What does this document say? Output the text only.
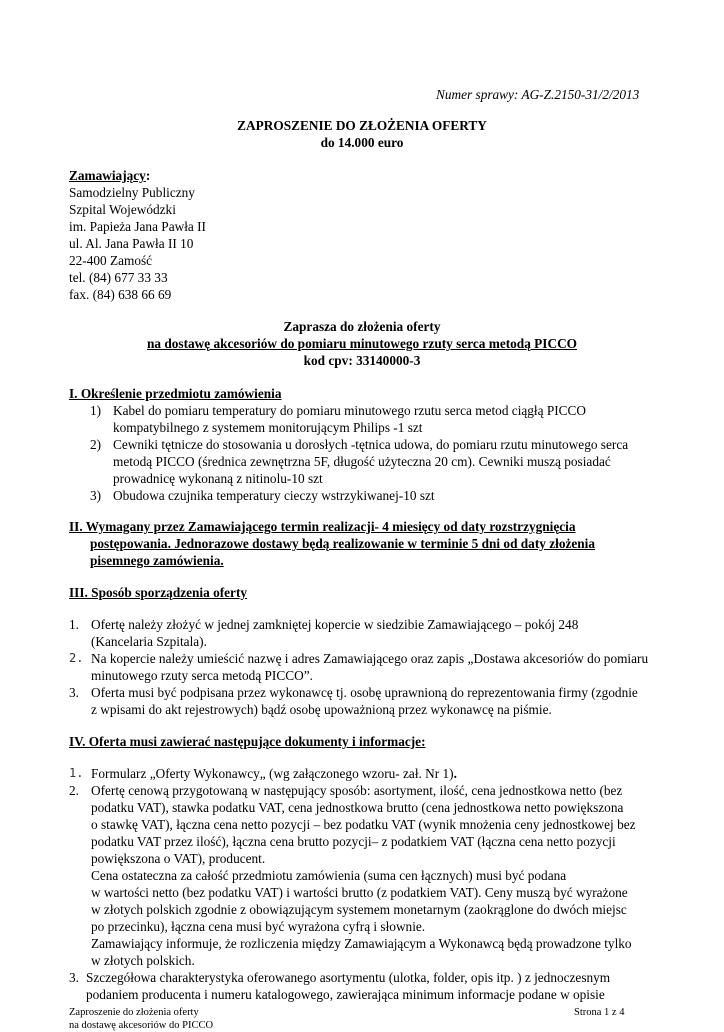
Numer sprawy: AG-Z.2150-31/2/2013
ZAPROSZENIE DO ZŁOŻENIA OFERTY
do 14.000 euro
Zamawiający:
Samodzielny Publiczny
Szpital Wojewódzki
im. Papieża Jana Pawła II
ul. Al. Jana Pawła II 10
22-400 Zamość
tel. (84) 677 33 33
fax. (84) 638 66 69
Zaprasza do złożenia oferty
na dostawę akcesoriów do pomiaru minutowego rzuty serca metodą PICCO
kod cpv: 33140000-3
I. Określenie przedmiotu zamówienia
1) Kabel do pomiaru temperatury do pomiaru minutowego rzutu serca metod ciągłą PICCO
kompatybilnego z systemem monitorującym Philips -1 szt
2) Cewniki tętnicze do stosowania u dorosłych -tętnica udowa, do pomiaru rzutu minutowego serca
metodą PICCO (średnica zewnętrzna 5F, długość użyteczna 20 cm). Cewniki muszą posiadać
prowadnicę wykonaną z nitinolu-10 szt
3) Obudowa czujnika temperatury cieczy wstrzykiwanej-10 szt
II. Wymagany przez Zamawiającego termin realizacji- 4 miesięcy od daty rozstrzygnięcia
postępowania. Jednorazowe dostawy będą realizowanie w terminie 5 dni od daty złożenia
pisemnego zamówienia.
III. Sposób sporządzenia oferty
1. Ofertę należy złożyć w jednej zamkniętej kopercie w siedzibie Zamawiającego – pokój 248
(Kancelaria Szpitala).
2. Na kopercie należy umieścić nazwę i adres Zamawiającego oraz zapis „Dostawa akcesoriów do pomiaru
minutowego rzuty serca metodą PICCO”.
3. Oferta musi być podpisana przez wykonawcę tj. osobę uprawnioną do reprezentowania firmy (zgodnie
z wpisami do akt rejestrowych) bądź osobę upoważnioną przez wykonawcę na piśmie.
IV. Oferta musi zawierać następujące dokumenty i informacje:
1. Formularz „Oferty Wykonawcy„ (wg załączonego wzoru- zał. Nr 1).
2. Ofertę cenową przygotowaną w następujący sposób: asortyment, ilość, cena jednostkowa netto (bez
podatku VAT), stawka podatku VAT, cena jednostkowa brutto (cena jednostkowa netto powiększona
o stawkę VAT), łączna cena netto pozycji – bez podatku VAT (wynik mnożenia ceny jednostkowej bez
podatku VAT przez ilość), łączna cena brutto pozycji– z podatkiem VAT (łączna cena netto pozycji
powiększona o VAT), producent.
Cena ostateczna za całość przedmiotu zamówienia (suma cen łącznych) musi być podana
w wartości netto (bez podatku VAT) i wartości brutto (z podatkiem VAT). Ceny muszą być wyrażone
w złotych polskich zgodnie z obowiązującym systemem monetarnym (zaokrąglone do dwóch miejsc
po przecinku), łączna cena musi być wyrażona cyfrą i słownie.
Zamawiający informuje, że rozliczenia między Zamawiającym a Wykonawcą będą prowadzone tylko
w złotych polskich.
3. Szczegółowa charakterystyka oferowanego asortymentu (ulotka, folder, opis itp. ) z jednoczesnym
podaniem producenta i numeru katalogowego, zawierająca minimum informacje podane w opisie
Zaproszenie do złożenia oferty
na dostawę akcesoriów do PICCO
Strona 1 z 4
